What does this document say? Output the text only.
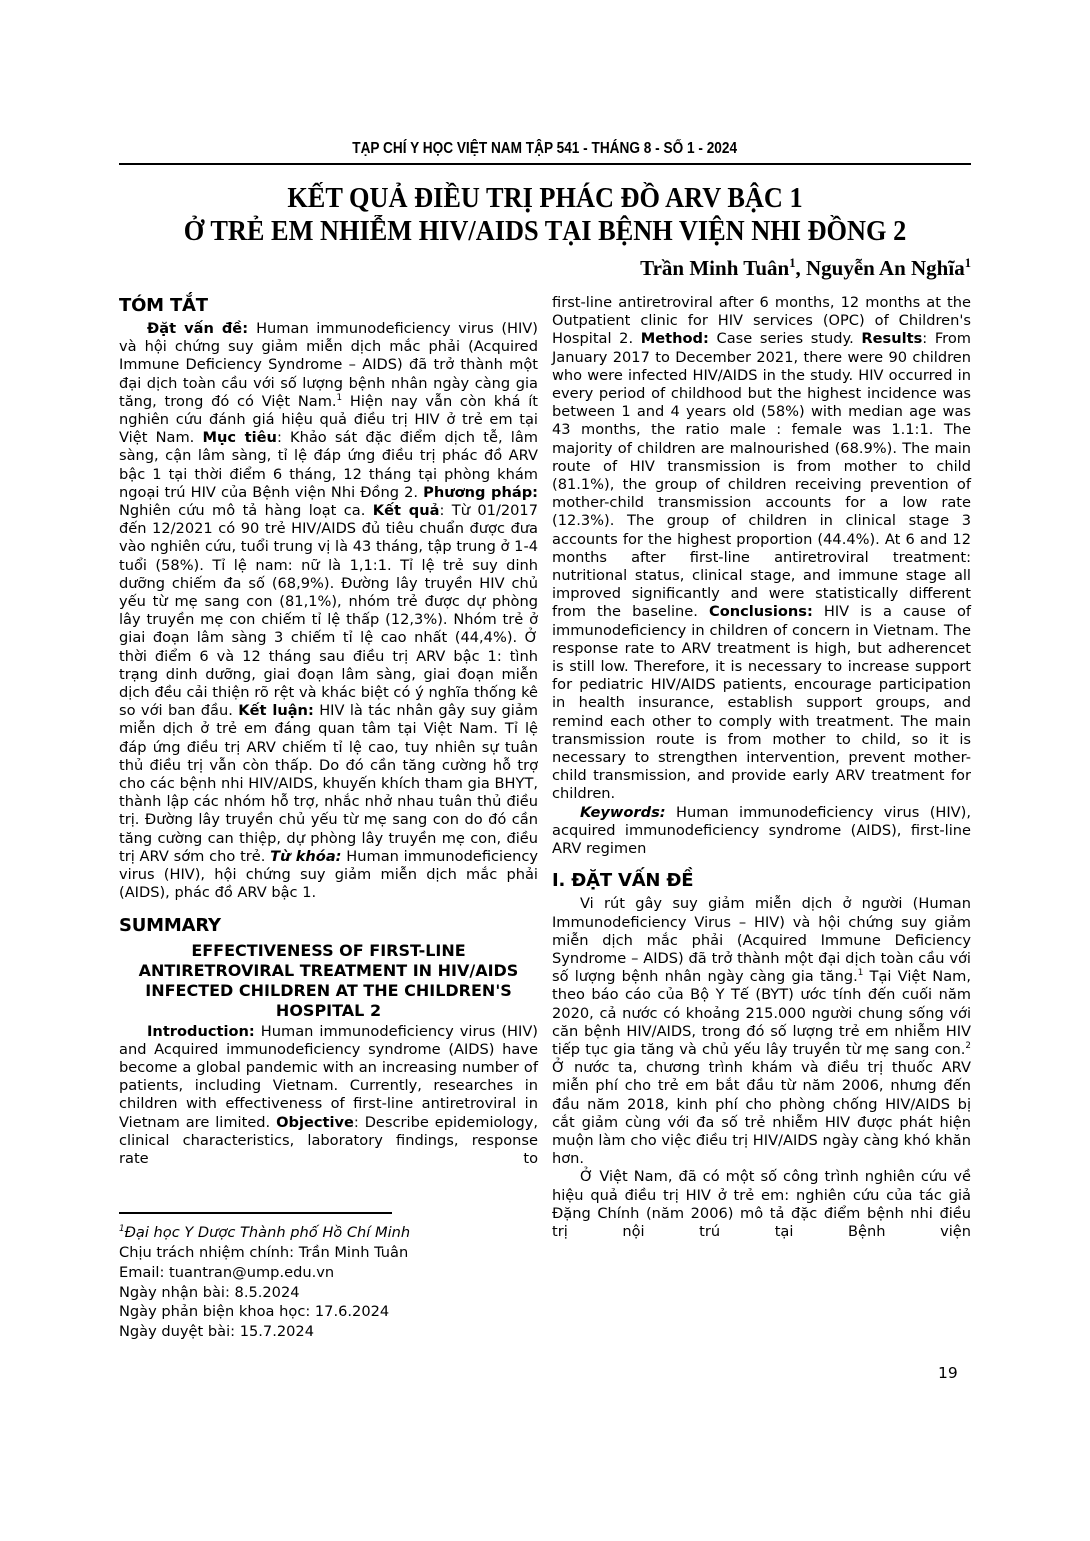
TẠP CHÍ Y HỌC VIỆT NAM TẬP 541 - THÁNG 8 - SỐ 1 - 2024
KẾT QUẢ ĐIỀU TRỊ PHÁC ĐỒ ARV BẬC 1
Ở TRẺ EM NHIỄM HIV/AIDS TẠI BỆNH VIỆN NHI ĐỒNG 2
Trần Minh Tuân$^1$, Nguyễn An Nghĩa$^1$
TÓM TẮT

Đặt vấn đề: Human immunodeficiency virus (HIV) và hội chứng suy giảm miễn dịch mắc phải (Acquired Immune Deficiency Syndrome – AIDS) đã trở thành một đại dịch toàn cầu với số lượng bệnh nhân ngày càng gia tăng, trong đó có Việt Nam.$^1$ Hiện nay vẫn còn khá ít nghiên cứu đánh giá hiệu quả điều trị HIV ở trẻ em tại Việt Nam. Mục tiêu: Khảo sát đặc điểm dịch tễ, lâm sàng, cận lâm sàng, tỉ lệ đáp ứng điều trị phác đồ ARV bậc 1 tại thời điểm 6 tháng, 12 tháng tại phòng khám ngoại trú HIV của Bệnh viện Nhi Đồng 2. Phương pháp: Nghiên cứu mô tả hàng loạt ca. Kết quả: Từ 01/2017 đến 12/2021 có 90 trẻ HIV/AIDS đủ tiêu chuẩn được đưa vào nghiên cứu, tuổi trung vị là 43 tháng, tập trung ở 1-4 tuổi (58%). Tỉ lệ nam: nữ là 1,1:1. Tỉ lệ trẻ suy dinh dưỡng chiếm đa số (68,9%). Đường lây truyền HIV chủ yếu từ mẹ sang con (81,1%), nhóm trẻ được dự phòng lây truyền mẹ con chiếm tỉ lệ thấp (12,3%). Nhóm trẻ ở giai đoạn lâm sàng 3 chiếm tỉ lệ cao nhất (44,4%). Ở thời điểm 6 và 12 tháng sau điều trị ARV bậc 1: tình trạng dinh dưỡng, giai đoạn lâm sàng, giai đoạn miễn dịch đều cải thiện rõ rệt và khác biệt có ý nghĩa thống kê so với ban đầu. Kết luận: HIV là tác nhân gây suy giảm miễn dịch ở trẻ em đáng quan tâm tại Việt Nam. Tỉ lệ đáp ứng điều trị ARV chiếm tỉ lệ cao, tuy nhiên sự tuân thủ điều trị vẫn còn thấp. Do đó cần tăng cường hỗ trợ cho các bệnh nhi HIV/AIDS, khuyến khích tham gia BHYT, thành lập các nhóm hỗ trợ, nhắc nhở nhau tuân thủ điều trị. Đường lây truyền chủ yếu từ mẹ sang con do đó cần tăng cường can thiệp, dự phòng lây truyền mẹ con, điều trị ARV sớm cho trẻ. Từ khóa: Human immunodeficiency virus (HIV), hội chứng suy giảm miễn dịch mắc phải (AIDS), phác đồ ARV bậc 1.

SUMMARY
EFFECTIVENESS OF FIRST-LINE ANTIRETROVIRAL TREATMENT IN HIV/AIDS INFECTED CHILDREN AT THE CHILDREN'S HOSPITAL 2

Introduction: Human immunodeficiency virus (HIV) and Acquired immunodeficiency syndrome (AIDS) have become a global pandemic with an increasing number of patients, including Vietnam. Currently, researches in children with effectiveness of first-line antiretroviral in Vietnam are limited. Objective: Describe epidemiology, clinical characteristics, laboratory findings, response rate to

$^1$Đại học Y Dược Thành phố Hồ Chí Minh
Chịu trách nhiệm chính: Trần Minh Tuân
Email: tuantran@ump.edu.vn
Ngày nhận bài: 8.5.2024
Ngày phản biện khoa học: 17.6.2024
Ngày duyệt bài: 15.7.2024

first-line antiretroviral after 6 months, 12 months at the Outpatient clinic for HIV services (OPC) of Children's Hospital 2. Method: Case series study. Results: From January 2017 to December 2021, there were 90 children who were infected HIV/AIDS in the study. HIV occurred in every period of childhood but the highest incidence was between 1 and 4 years old (58%) with median age was 43 months, the ratio male : female was 1.1:1. The majority of children are malnourished (68.9%). The main route of HIV transmission is from mother to child (81.1%), the group of children receiving prevention of mother-child transmission accounts for a low rate (12.3%). The group of children in clinical stage 3 accounts for the highest proportion (44.4%). At 6 and 12 months after first-line antiretroviral treatment: nutritional status, clinical stage, and immune stage all improved significantly and were statistically different from the baseline. Conclusions: HIV is a cause of immunodeficiency in children of concern in Vietnam. The response rate to ARV treatment is high, but adherencet is still low. Therefore, it is necessary to increase support for pediatric HIV/AIDS patients, encourage participation in health insurance, establish support groups, and remind each other to comply with treatment. The main transmission route is from mother to child, so it is necessary to strengthen intervention, prevent mother-child transmission, and provide early ARV treatment for children.

Keywords: Human immunodeficiency virus (HIV), acquired immunodeficiency syndrome (AIDS), first-line ARV regimen

I. ĐẶT VẤN ĐỀ

Vi rút gây suy giảm miễn dịch ở người (Human Immunodeficiency Virus – HIV) và hội chứng suy giảm miễn dịch mắc phải (Acquired Immune Deficiency Syndrome – AIDS) đã trở thành một đại dịch toàn cầu với số lượng bệnh nhân ngày càng gia tăng.$^1$ Tại Việt Nam, theo báo cáo của Bộ Y Tế (BYT) ước tính đến cuối năm 2020, cả nước có khoảng 215.000 người chung sống với căn bệnh HIV/AIDS, trong đó số lượng trẻ em nhiễm HIV tiếp tục gia tăng và chủ yếu lây truyền từ mẹ sang con.$^2$ Ở nước ta, chương trình khám và điều trị thuốc ARV miễn phí cho trẻ em bắt đầu từ năm 2006, nhưng đến đầu năm 2018, kinh phí cho phòng chống HIV/AIDS bị cắt giảm cùng với đa số trẻ nhiễm HIV được phát hiện muộn làm cho việc điều trị HIV/AIDS ngày càng khó khăn hơn.

Ở Việt Nam, đã có một số công trình nghiên cứu về hiệu quả điều trị HIV ở trẻ em: nghiên cứu của tác giả Đặng Chính (năm 2006) mô tả đặc điểm bệnh nhi điều trị nội trú tại Bệnh viện

19
